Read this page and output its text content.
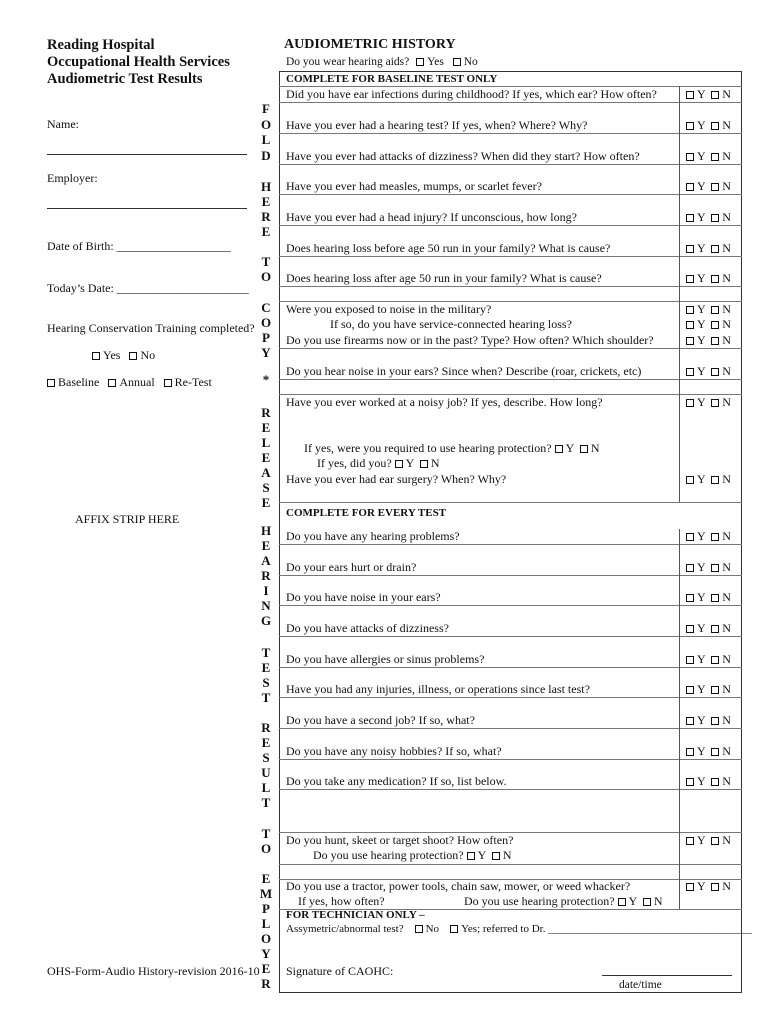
Reading Hospital
Occupational Health Services
Audiometric Test Results
Name:
Employer:
Date of Birth: ___________________
Today’s Date: ______________________
Hearing Conservation Training completed?
Yes No
Baseline Annual Re-Test
AFFIX STRIP HERE
OHS-Form-Audio History-revision 2016-10
F
O
L
D
H
E
R
E
T
O
C
O
P
Y
*
R
E
L
E
A
S
E
H
E
A
R
I
N
G
T
E
S
T
R
E
S
U
L
T
T
O
E
M
P
L
O
Y
E
R
AUDIOMETRIC HISTORY
Do you wear hearing aids? Yes No
COMPLETE FOR BASELINE TEST ONLY
COMPLETE FOR EVERY TEST
Did you have ear infections during childhood? If yes, which ear? How often?	Y N
Have you ever had a hearing test? If yes, when? Where? Why?	Y N
Have you ever had attacks of dizziness? When did they start? How often?	Y N
Have you ever had measles, mumps, or scarlet fever?	Y N
Have you ever had a head injury? If unconscious, how long?	Y N
Does hearing loss before age 50 run in your family? What is cause?	Y N
Does hearing loss after age 50 run in your family? What is cause?	Y N
Were you exposed to noise in the military?	Y N
If so, do you have service-connected hearing loss?	Y N
Do you use firearms now or in the past? Type? How often? Which shoulder?	Y N
Do you hear noise in your ears? Since when? Describe (roar, crickets, etc)	Y N
Have you ever worked at a noisy job? If yes, describe. How long?	Y N
If yes, were you required to use hearing protection? Y  N
If yes, did you? Y  N
Have you ever had ear surgery? When? Why?	Y N
Do you have any hearing problems?	Y N
Do your ears hurt or drain?	Y N
Do you have noise in your ears?	Y N
Do you have attacks of dizziness?	Y N
Do you have allergies or sinus problems?	Y N
Have you had any injuries, illness, or operations since last test?	Y N
Do you have a second job? If so, what?	Y N
Do you have any noisy hobbies? If so, what?	Y N
Do you take any medication? If so, list below.	Y N
Do you hunt, skeet or target shoot? How often?	Y N
Do you use hearing protection? Y  N
Do you use a tractor, power tools, chain saw, mower, or weed whacker?	Y N
If yes, how often?	Do you use hearing protection? Y  N
FOR TECHNICIAN ONLY –
Assymetric/abnormal test? No Yes; referred to Dr. _____________________________________
Signature of CAOHC:
date/time
